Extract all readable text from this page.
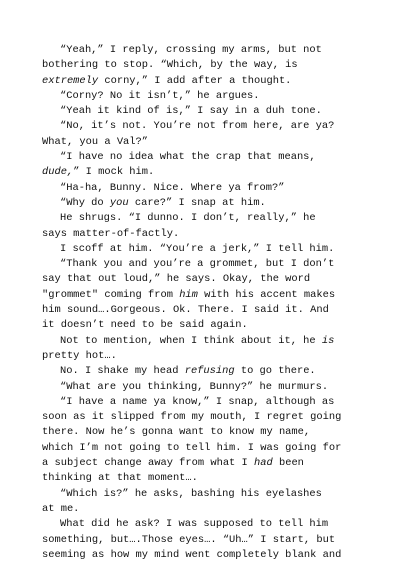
“Yeah,” I reply, crossing my arms, but not
bothering to stop. “Which, by the way, is
extremely corny,” I add after a thought.
“Corny? No it isn’t,” he argues.
“Yeah it kind of is,” I say in a duh tone.
“No, it’s not. You’re not from here, are ya?
What, you a Val?”
“I have no idea what the crap that means,
dude,” I mock him.
“Ha-ha, Bunny. Nice. Where ya from?”
“Why do you care?” I snap at him.
He shrugs. “I dunno. I don’t, really,” he
says matter-of-factly.
I scoff at him. “You’re a jerk,” I tell him.
“Thank you and you’re a grommet, but I don’t
say that out loud,” he says. Okay, the word
"grommet" coming from him with his accent makes
him sound….Gorgeous. Ok. There. I said it. And
it doesn’t need to be said again.
Not to mention, when I think about it, he is
pretty hot….
No. I shake my head refusing to go there.
“What are you thinking, Bunny?” he murmurs.
“I have a name ya know,” I snap, although as
soon as it slipped from my mouth, I regret going
there. Now he’s gonna want to know my name,
which I’m not going to tell him. I was going for
a subject change away from what I had been
thinking at that moment….
“Which is?” he asks, bashing his eyelashes
at me.
What did he ask? I was supposed to tell him
something, but….Those eyes…. “Uh…” I start, but
seeming as how my mind went completely blank and
